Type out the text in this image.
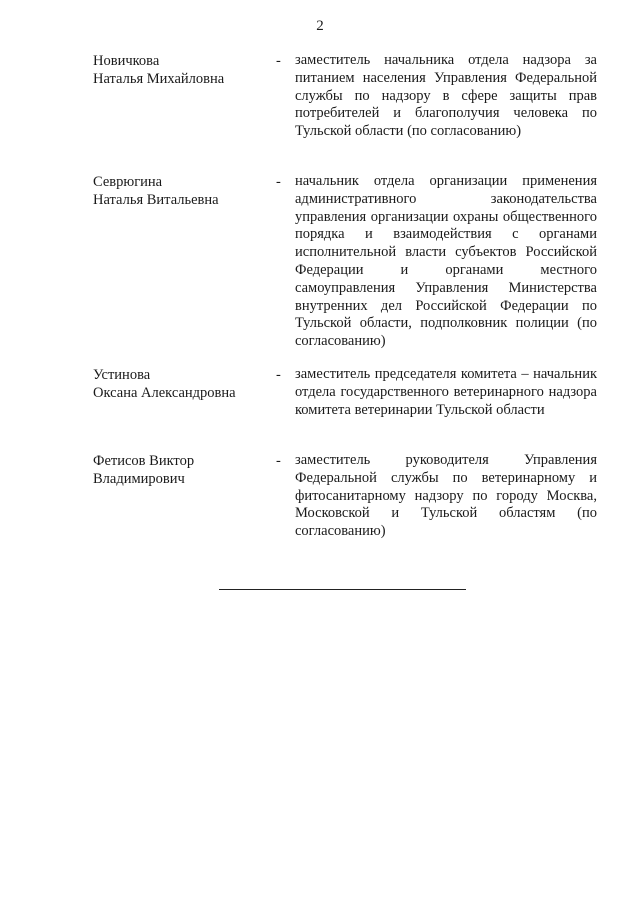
2
Новичкова
Наталья Михайловна
- заместитель начальника отдела надзора за питанием населения Управления Федеральной службы по надзору в сфере защиты прав потребителей и благополучия человека по Тульской области (по согласованию)
Севрюгина
Наталья Витальевна
- начальник отдела организации применения административного законодательства управления организации охраны общественного порядка и взаимодействия с органами исполнительной власти субъектов Российской Федерации и органами местного самоуправления Управления Министерства внутренних дел Российской Федерации по Тульской области, подполковник полиции (по согласованию)
Устинова
Оксана Александровна
- заместитель председателя комитета – начальник отдела государственного ветеринарного надзора комитета ветеринарии Тульской области
Фетисов Виктор
Владимирович
- заместитель руководителя Управления Федеральной службы по ветеринарному и фитосанитарному надзору по городу Москва, Московской и Тульской областям (по согласованию)
